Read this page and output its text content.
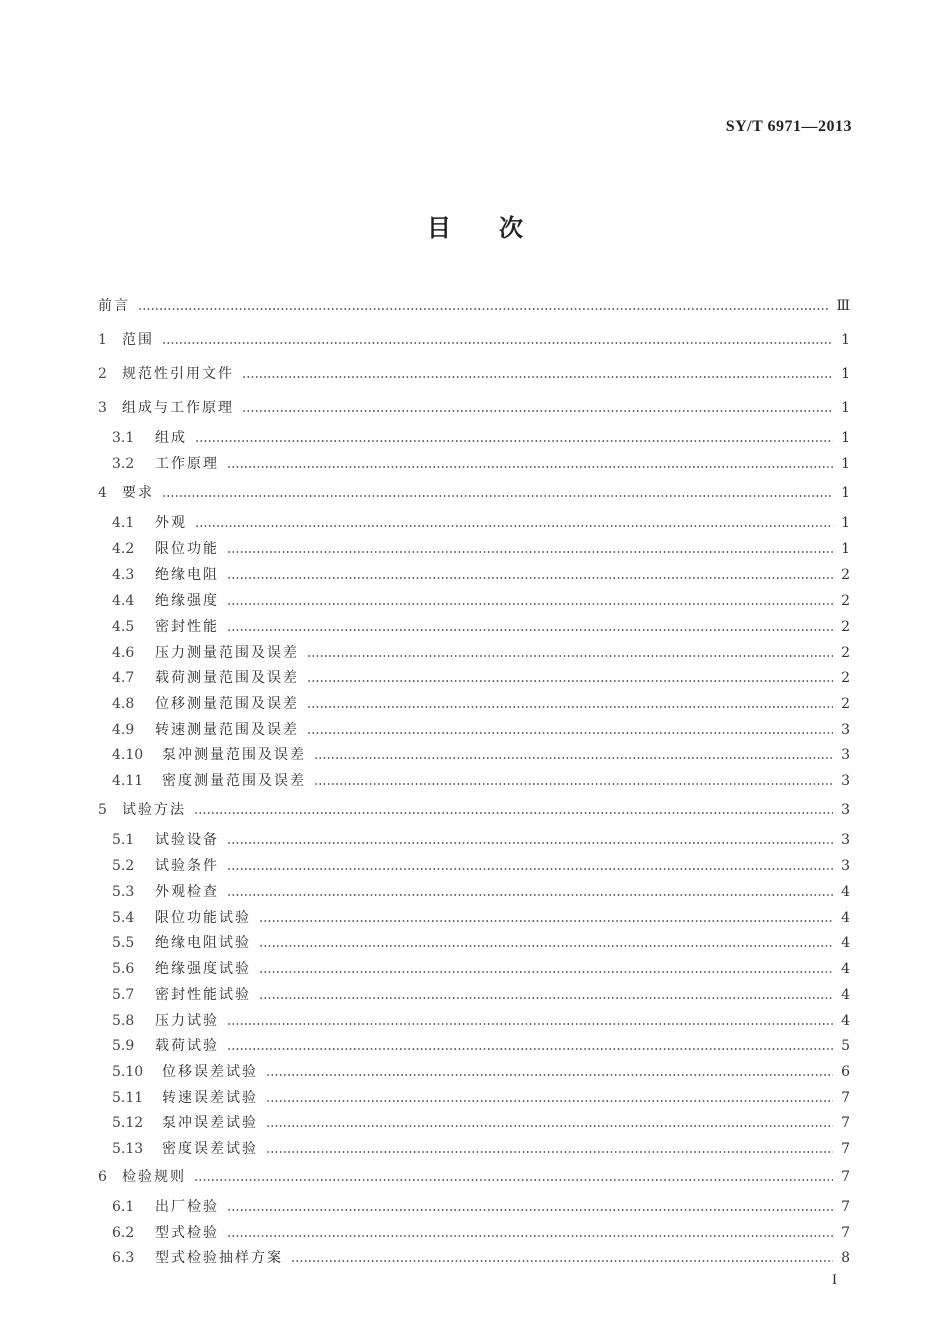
SY/T 6971—2013
目 次
前言	Ⅲ
1 范围	1
2 规范性引用文件	1
3 组成与工作原理	1
3.1 组成	1
3.2 工作原理	1
4 要求	1
4.1 外观	1
4.2 限位功能	1
4.3 绝缘电阻	2
4.4 绝缘强度	2
4.5 密封性能	2
4.6 压力测量范围及误差	2
4.7 载荷测量范围及误差	2
4.8 位移测量范围及误差	2
4.9 转速测量范围及误差	3
4.10 泵冲测量范围及误差	3
4.11 密度测量范围及误差	3
5 试验方法	3
5.1 试验设备	3
5.2 试验条件	3
5.3 外观检查	4
5.4 限位功能试验	4
5.5 绝缘电阻试验	4
5.6 绝缘强度试验	4
5.7 密封性能试验	4
5.8 压力试验	4
5.9 载荷试验	5
5.10 位移误差试验	6
5.11 转速误差试验	7
5.12 泵冲误差试验	7
5.13 密度误差试验	7
6 检验规则	7
6.1 出厂检验	7
6.2 型式检验	7
6.3 型式检验抽样方案	8
I
